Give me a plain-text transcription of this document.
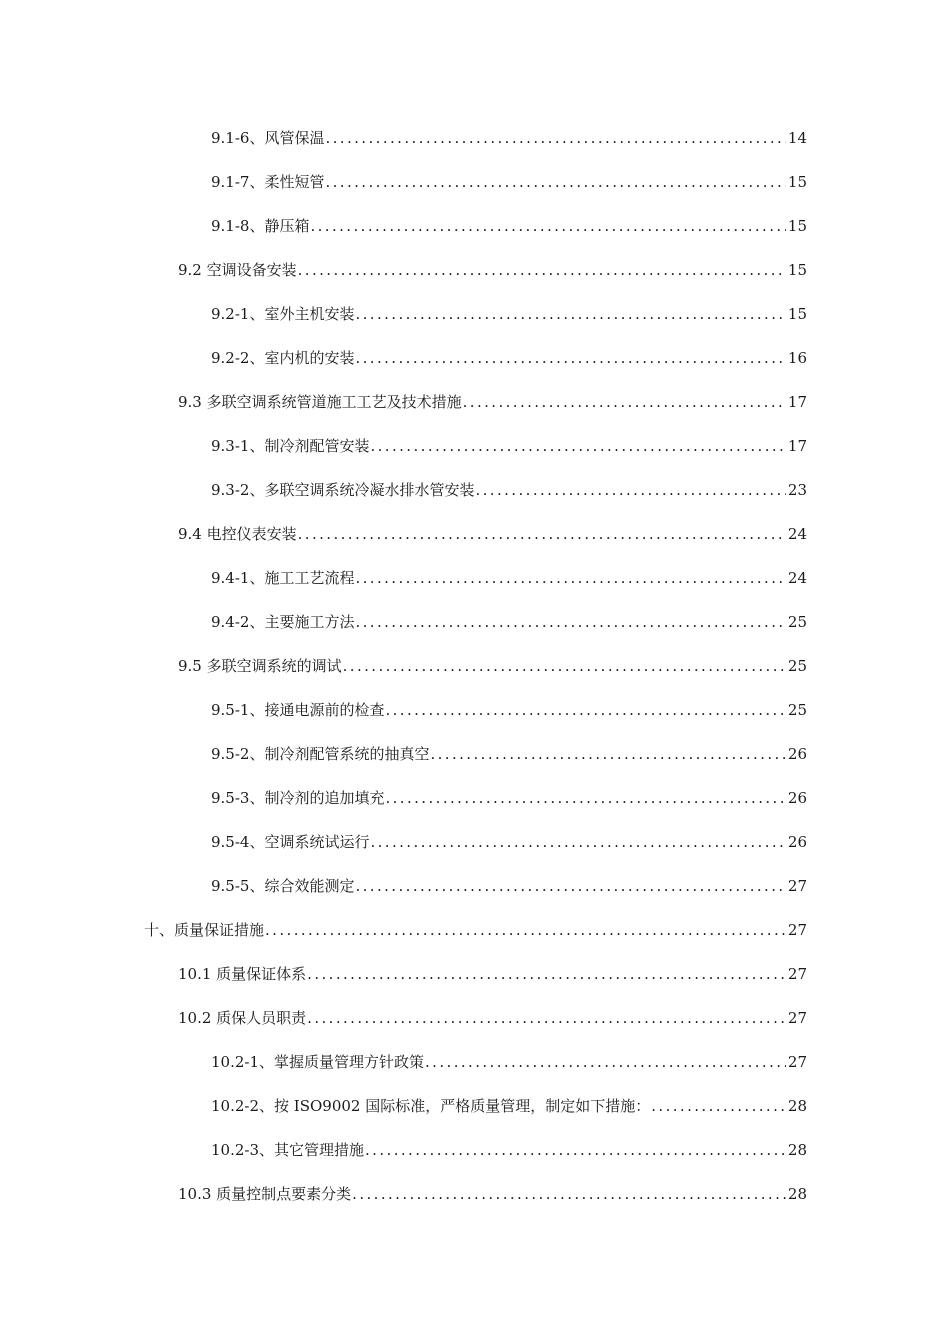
9.1-6、风管保温 .....	14
9.1-7、柔性短管 .....	15
9.1-8、静压箱 .....	15
9.2 空调设备安装 .....	15
9.2-1、室外主机安装 .....	15
9.2-2、室内机的安装 .....	16
9.3 多联空调系统管道施工工艺及技术措施 .....	17
9.3-1、制冷剂配管安装 .....	17
9.3-2、多联空调系统冷凝水排水管安装 .....	23
9.4 电控仪表安装 .....	24
9.4-1、施工工艺流程 .....	24
9.4-2、主要施工方法 .....	25
9.5 多联空调系统的调试 .....	25
9.5-1、接通电源前的检查 .....	25
9.5-2、制冷剂配管系统的抽真空 .....	26
9.5-3、制冷剂的追加填充 .....	26
9.5-4、空调系统试运行 .....	26
9.5-5、综合效能测定 .....	27
十、质量保证措施 .....	27
10.1 质量保证体系 .....	27
10.2 质保人员职责 .....	27
10.2-1、掌握质量管理方针政策 .....	27
10.2-2、按 ISO9002 国际标准，严格质量管理，制定如下措施： .....	28
10.2-3、其它管理措施 .....	28
10.3 质量控制点要素分类 .....	28
